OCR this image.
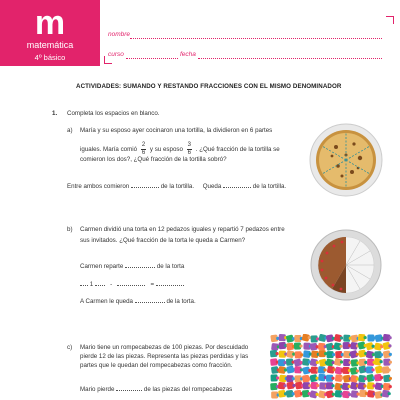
m
matemática
4º básico
nombre
curso	fecha
ACTIVIDADES: SUMANDO Y RESTANDO FRACCIONES CON EL MISMO DENOMINADOR
1. Completa los espacios en blanco.
a) María y su esposo ayer cocinaron una tortilla, la dividieron en 6 partes
iguales. María comió $\frac{2}{6}$ y su esposo $\frac{3}{6}$ . ¿Qué fracción de la tortilla se
comieron los dos?, ¿Qué fracción de la tortilla sobró?
Entre ambos comieron	de la tortilla. Queda	de la tortilla.
b) Carmen dividió una torta en 12 pedazos iguales y repartió 7 pedazos entre
sus invitados. ¿Qué fracción de la torta le queda a Carmen?
Carmen reparte	de la torta
1	-	=
A Carmen le queda	de la torta.
c) Mario tiene un rompecabezas de 100 piezas. Por descuidado
pierde 12 de las piezas. Representa las piezas perdidas y las
partes que le quedan del rompecabezas como fracción.
Mario pierde	de las piezas del rompecabezas
